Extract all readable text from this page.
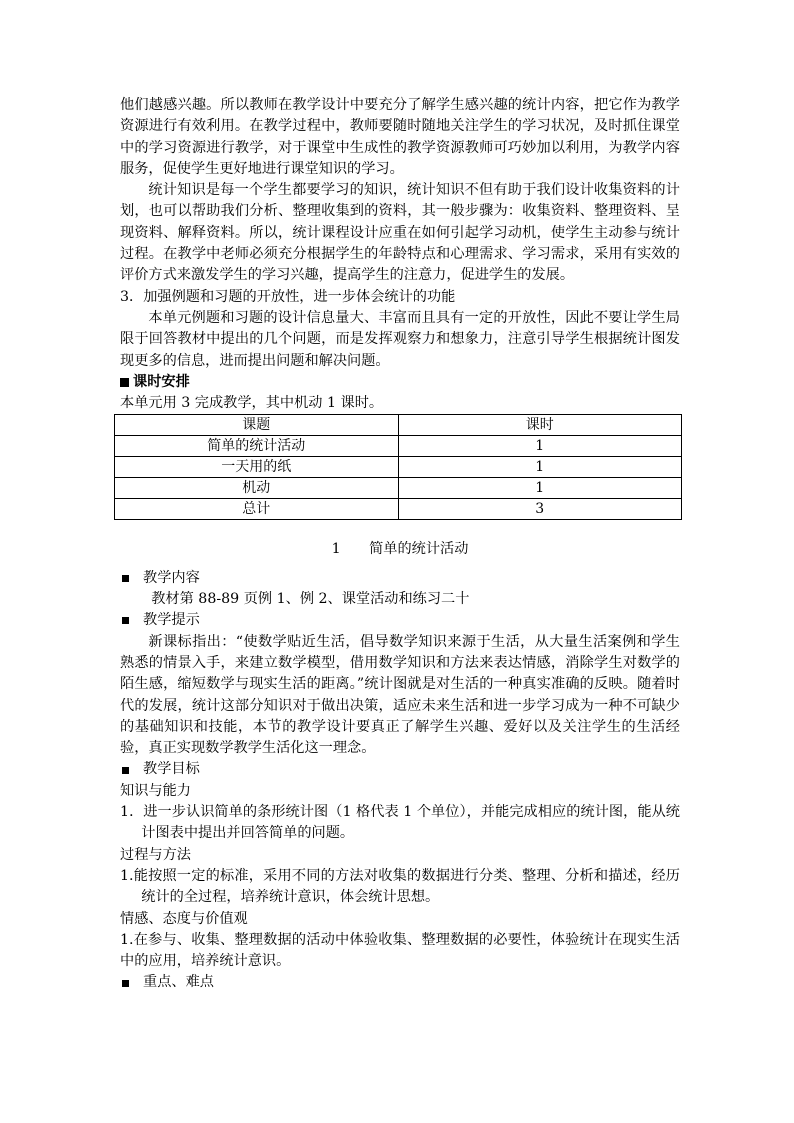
他们越感兴趣。所以教师在教学设计中要充分了解学生感兴趣的统计内容，把它作为教学资源进行有效利用。在教学过程中，教师要随时随地关注学生的学习状况，及时抓住课堂中的学习资源进行教学，对于课堂中生成性的教学资源教师可巧妙加以利用，为教学内容服务，促使学生更好地进行课堂知识的学习。

统计知识是每一个学生都要学习的知识，统计知识不但有助于我们设计收集资料的计划，也可以帮助我们分析、整理收集到的资料，其一般步骤为：收集资料、整理资料、呈现资料、解释资料。所以，统计课程设计应重在如何引起学习动机，使学生主动参与统计过程。在教学中老师必须充分根据学生的年龄特点和心理需求、学习需求，采用有实效的评价方式来激发学生的学习兴趣，提高学生的注意力，促进学生的发展。

3．加强例题和习题的开放性，进一步体会统计的功能

本单元例题和习题的设计信息量大、丰富而且具有一定的开放性，因此不要让学生局限于回答教材中提出的几个问题，而是发挥观察力和想象力，注意引导学生根据统计图发现更多的信息，进而提出问题和解决问题。

课时安排

本单元用 3 完成教学，其中机动 1 课时。

课题	课时
简单的统计活动	1
一天用的纸	1
机动	1
总计	3
1 简单的统计活动
教学内容

教材第 88-89 页例 1、例 2、课堂活动和练习二十

教学提示

新课标指出：“使数学贴近生活，倡导数学知识来源于生活，从大量生活案例和学生熟悉的情景入手，来建立数学模型，借用数学知识和方法来表达情感，消除学生对数学的陌生感，缩短数学与现实生活的距离。”统计图就是对生活的一种真实准确的反映。随着时代的发展，统计这部分知识对于做出决策，适应未来生活和进一步学习成为一种不可缺少的基础知识和技能，本节的教学设计要真正了解学生兴趣、爱好以及关注学生的生活经验，真正实现数学教学生活化这一理念。

教学目标

知识与能力

1．进一步认识简单的条形统计图（1 格代表 1 个单位），并能完成相应的统计图，能从统计图表中提出并回答简单的问题。

过程与方法

1.能按照一定的标准，采用不同的方法对收集的数据进行分类、整理、分析和描述，经历统计的全过程，培养统计意识，体会统计思想。

情感、态度与价值观

1.在参与、收集、整理数据的活动中体验收集、整理数据的必要性，体验统计在现实生活中的应用，培养统计意识。

重点、难点
